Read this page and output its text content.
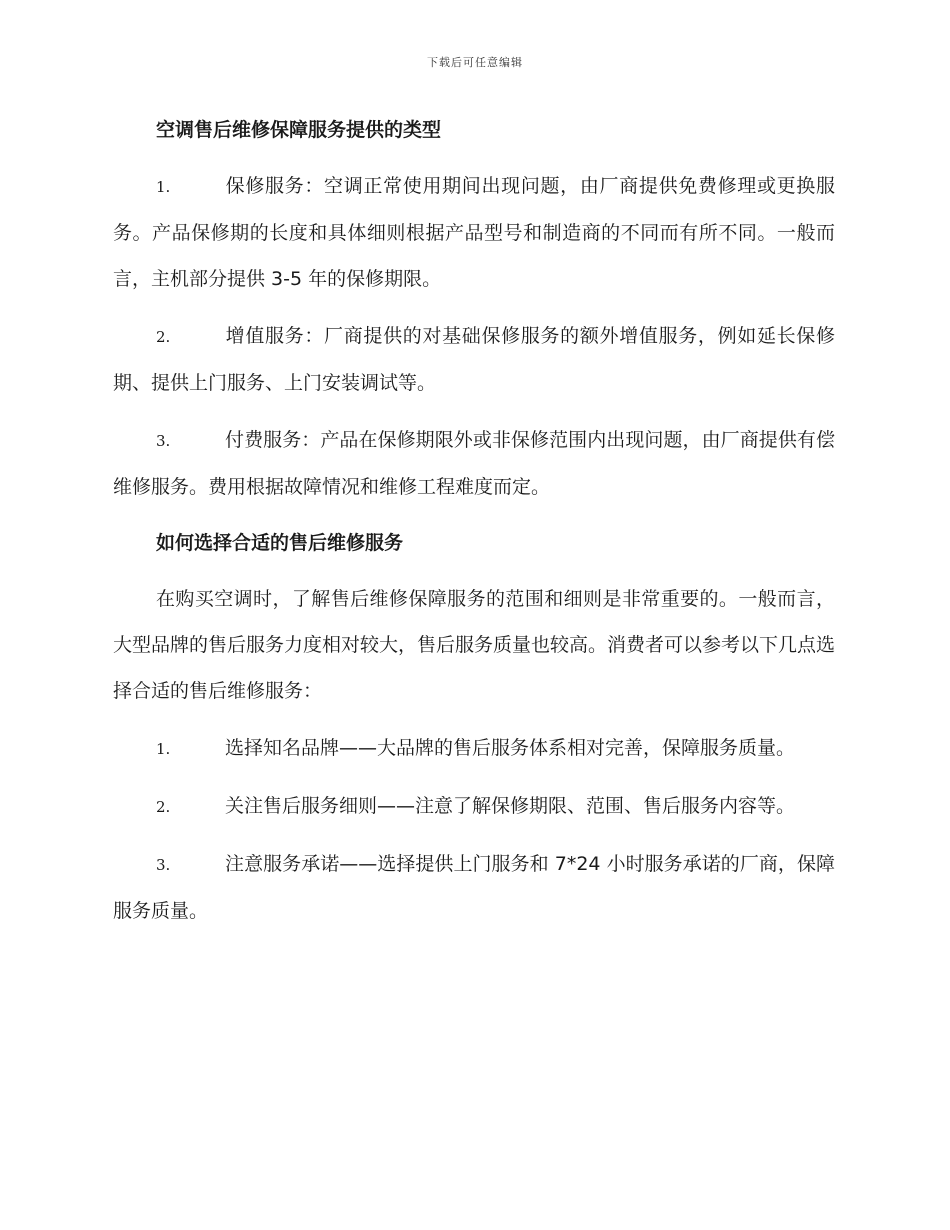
下载后可任意编辑
空调售后维修保障服务提供的类型
1.	保修服务：空调正常使用期间出现问题，由厂商提供免费修理或更换服务。产品保修期的长度和具体细则根据产品型号和制造商的不同而有所不同。一般而言，主机部分提供 3-5 年的保修期限。
2.	增值服务：厂商提供的对基础保修服务的额外增值服务，例如延长保修期、提供上门服务、上门安装调试等。
3.	付费服务：产品在保修期限外或非保修范围内出现问题，由厂商提供有偿维修服务。费用根据故障情况和维修工程难度而定。
如何选择合适的售后维修服务
在购买空调时，了解售后维修保障服务的范围和细则是非常重要的。一般而言，大型品牌的售后服务力度相对较大，售后服务质量也较高。消费者可以参考以下几点选择合适的售后维修服务：
1.	选择知名品牌——大品牌的售后服务体系相对完善，保障服务质量。
2.	关注售后服务细则——注意了解保修期限、范围、售后服务内容等。
3.	注意服务承诺——选择提供上门服务和 7*24 小时服务承诺的厂商，保障服务质量。
